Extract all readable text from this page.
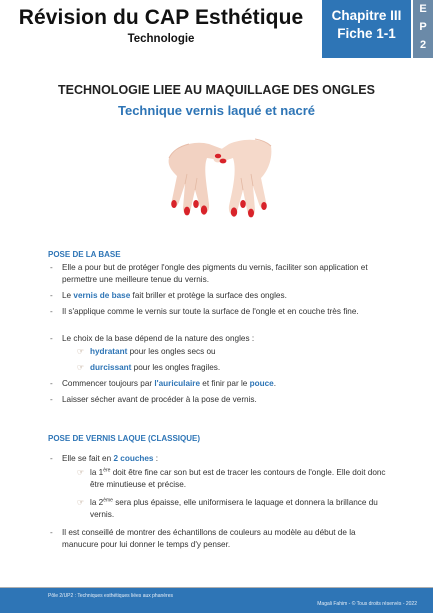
Révision du CAP Esthétique
Technologie
Chapitre III
Fiche 1-1
E
P
2
TECHNOLOGIE LIEE AU MAQUILLAGE DES ONGLES
Technique vernis laqué et nacré
POSE DE LA BASE
- Elle a pour but de protéger l'ongle des pigments du vernis, faciliter son application et permettre une meilleure tenue du vernis.
- Le vernis de base fait briller et protège la surface des ongles.
- Il s'applique comme le vernis sur toute la surface de l'ongle et en couche très fine.
- Le choix de la base dépend de la nature des ongles :
☞ hydratant pour les ongles secs ou
☞ durcissant pour les ongles fragiles.
- Commencer toujours par l'auriculaire et finir par le pouce.
- Laisser sécher avant de procéder à la pose de vernis.
POSE DE VERNIS LAQUE (CLASSIQUE)
- Elle se fait en 2 couches :
☞ la 1ère doit être fine car son but est de tracer les contours de l'ongle. Elle doit donc être minutieuse et précise.
☞ la 2ème sera plus épaisse, elle uniformisera le laquage et donnera la brillance du vernis.
- Il est conseillé de montrer des échantillons de couleurs au modèle au début de la manucure pour lui donner le temps d'y penser.
Pôle 2/UP2 : Techniques esthétiques liées aux phanères
Magali Fahim - © Tous droits réservés - 2022
